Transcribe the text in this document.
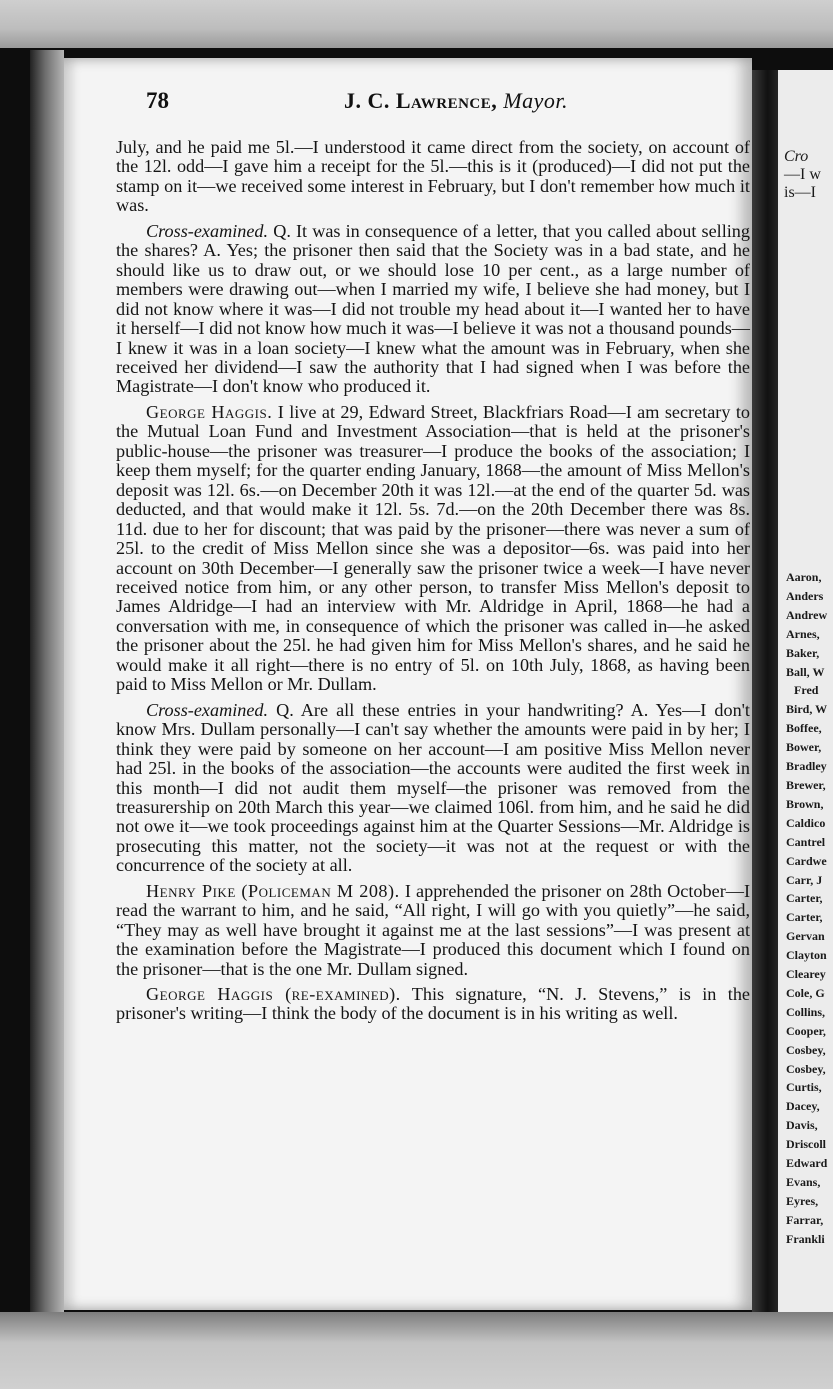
78	J. C. Lawrence, Mayor.

July, and he paid me 5l.—I understood it came direct from the society, on account of the 12l. odd—I gave him a receipt for the 5l.—this is it (produced)—I did not put the stamp on it—we received some interest in February, but I don't remember how much it was.

Cross-examined. Q. It was in consequence of a letter, that you called about selling the shares? A. Yes; the prisoner then said that the Society was in a bad state, and he should like us to draw out, or we should lose 10 per cent., as a large number of members were drawing out—when I married my wife, I believe she had money, but I did not know where it was—I did not trouble my head about it—I wanted her to have it herself—I did not know how much it was—I believe it was not a thousand pounds—I knew it was in a loan society—I knew what the amount was in February, when she received her dividend—I saw the authority that I had signed when I was before the Magistrate—I don't know who produced it.

George Haggis. I live at 29, Edward Street, Blackfriars Road—I am secretary to the Mutual Loan Fund and Investment Association—that is held at the prisoner's public-house—the prisoner was treasurer—I produce the books of the association; I keep them myself; for the quarter ending January, 1868—the amount of Miss Mellon's deposit was 12l. 6s.—on December 20th it was 12l.—at the end of the quarter 5d. was deducted, and that would make it 12l. 5s. 7d.—on the 20th December there was 8s. 11d. due to her for discount; that was paid by the prisoner—there was never a sum of 25l. to the credit of Miss Mellon since she was a depositor—6s. was paid into her account on 30th December—I generally saw the prisoner twice a week—I have never received notice from him, or any other person, to transfer Miss Mellon's deposit to James Aldridge—I had an interview with Mr. Aldridge in April, 1868—he had a conversation with me, in consequence of which the prisoner was called in—he asked the prisoner about the 25l. he had given him for Miss Mellon's shares, and he said he would make it all right—there is no entry of 5l. on 10th July, 1868, as having been paid to Miss Mellon or Mr. Dullam.

Cross-examined. Q. Are all these entries in your handwriting? A. Yes—I don't know Mrs. Dullam personally—I can't say whether the amounts were paid in by her; I think they were paid by someone on her account—I am positive Miss Mellon never had 25l. in the books of the association—the accounts were audited the first week in this month—I did not audit them myself—the prisoner was removed from the treasurership on 20th March this year—we claimed 106l. from him, and he said he did not owe it—we took proceedings against him at the Quarter Sessions—Mr. Aldridge is prosecuting this matter, not the society—it was not at the request or with the concurrence of the society at all.

Henry Pike (Policeman M 208). I apprehended the prisoner on 28th October—I read the warrant to him, and he said, “All right, I will go with you quietly”—he said, “They may as well have brought it against me at the last sessions”—I was present at the examination before the Magistrate—I produced this document which I found on the prisoner—that is the one Mr. Dullam signed.

George Haggis (re-examined). This signature, “N. J. Stevens,” is in the prisoner's writing—I think the body of the document is in his writing as well.

Cro
—I w
is—I
Aaron,
Anders
Andrew
Arnes,
Baker,
Ball, W
Fred
Bird, W
Boffee,
Bower,
Bradley
Brewer,
Brown,
Caldico
Cantrel
Cardwe
Carr, J
Carter,
Carter,
Gervan
Clayton
Clearey
Cole, G
Collins,
Cooper,
Cosbey,
Cosbey,
Curtis,
Dacey,
Davis,
Driscoll
Edward
Evans,
Eyres,
Farrar,
Frankli
